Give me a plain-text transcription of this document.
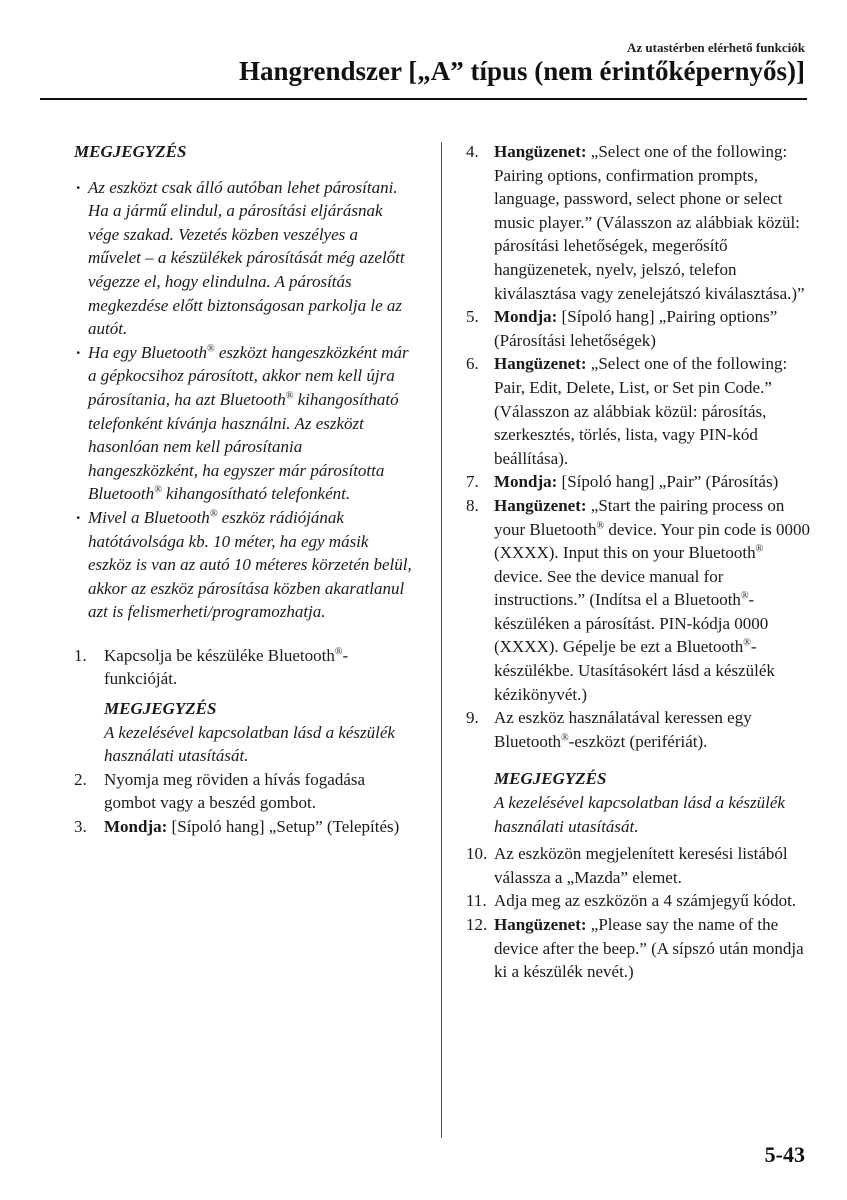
Az utastérben elérhető funkciók
Hangrendszer [„A” típus (nem érintőképernyős)]
MEGJEGYZÉS
· Az eszközt csak álló autóban lehet párosítani. Ha a jármű elindul, a párosítási eljárásnak vége szakad. Vezetés közben veszélyes a művelet – a készülékek párosítását még azelőtt végezze el, hogy elindulna. A párosítás megkezdése előtt biztonságosan parkolja le az autót.
· Ha egy Bluetooth® eszközt hangeszközként már a gépkocsihoz párosított, akkor nem kell újra párosítania, ha azt Bluetooth® kihangosítható telefonként kívánja használni. Az eszközt hasonlóan nem kell párosítania hangeszközként, ha egyszer már párosította Bluetooth® kihangosítható telefonként.
· Mivel a Bluetooth® eszköz rádiójának hatótávolsága kb. 10 méter, ha egy másik eszköz is van az autó 10 méteres körzetén belül, akkor az eszköz párosítása közben akaratlanul azt is felismerheti/programozhatja.
1. Kapcsolja be készüléke Bluetooth®-funkcióját.
MEGJEGYZÉS
A kezelésével kapcsolatban lásd a készülék használati utasítását.
2. Nyomja meg röviden a hívás fogadása gombot vagy a beszéd gombot.
3. Mondja: [Sípoló hang] „Setup” (Telepítés)
4. Hangüzenet: „Select one of the following: Pairing options, confirmation prompts, language, password, select phone or select music player.” (Válasszon az alábbiak közül: párosítási lehetőségek, megerősítő hangüzenetek, nyelv, jelszó, telefon kiválasztása vagy zenelejátszó kiválasztása.)”
5. Mondja: [Sípoló hang] „Pairing options” (Párosítási lehetőségek)
6. Hangüzenet: „Select one of the following: Pair, Edit, Delete, List, or Set pin Code.” (Válasszon az alábbiak közül: párosítás, szerkesztés, törlés, lista, vagy PIN-kód beállítása).
7. Mondja: [Sípoló hang] „Pair” (Párosítás)
8. Hangüzenet: „Start the pairing process on your Bluetooth® device. Your pin code is 0000 (XXXX). Input this on your Bluetooth® device. See the device manual for instructions.” (Indítsa el a Bluetooth®-készüléken a párosítást. PIN-kódja 0000 (XXXX). Gépelje be ezt a Bluetooth®-készülékbe. Utasításokért lásd a készülék kézikönyvét.)
9. Az eszköz használatával keressen egy Bluetooth®-eszközt (perifériát).
MEGJEGYZÉS
A kezelésével kapcsolatban lásd a készülék használati utasítását.
10. Az eszközön megjelenített keresési listából válassza a „Mazda” elemet.
11. Adja meg az eszközön a 4 számjegyű kódot.
12. Hangüzenet: „Please say the name of the device after the beep.” (A sípszó után mondja ki a készülék nevét.)
5-43
